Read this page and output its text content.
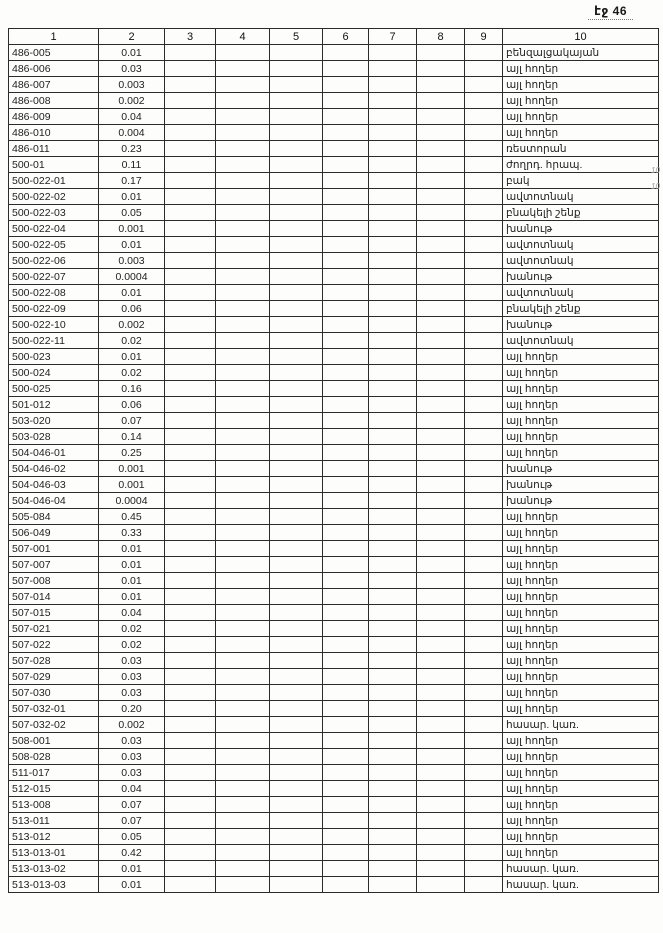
էջ 46
1	2	3	4	5	6	7	8	9	10
486-005	0.01								բենզալցակայան
486-006	0.03								այլ հողեր
486-007	0.003								այլ հողեր
486-008	0.002								այլ հողեր
486-009	0.04								այլ հողեր
486-010	0.004								այլ հողեր
486-011	0.23								ռեստորան
500-01	0.11								ժողրդ. հրապ.
500-022-01	0.17								բակ
500-022-02	0.01								ավտոտնակ
500-022-03	0.05								բնակելի շենք
500-022-04	0.001								խանութ
500-022-05	0.01								ավտոտնակ
500-022-06	0.003								ավտոտնակ
500-022-07	0.0004								խանութ
500-022-08	0.01								ավտոտնակ
500-022-09	0.06								բնակելի շենք
500-022-10	0.002								խանութ
500-022-11	0.02								ավտոտնակ
500-023	0.01								այլ հողեր
500-024	0.02								այլ հողեր
500-025	0.16								այլ հողեր
501-012	0.06								այլ հողեր
503-020	0.07								այլ հողեր
503-028	0.14								այլ հողեր
504-046-01	0.25								այլ հողեր
504-046-02	0.001								խանութ
504-046-03	0.001								խանութ
504-046-04	0.0004								խանութ
505-084	0.45								այլ հողեր
506-049	0.33								այլ հողեր
507-001	0.01								այլ հողեր
507-007	0.01								այլ հողեր
507-008	0.01								այլ հողեր
507-014	0.01								այլ հողեր
507-015	0.04								այլ հողեր
507-021	0.02								այլ հողեր
507-022	0.02								այլ հողեր
507-028	0.03								այլ հողեր
507-029	0.03								այլ հողեր
507-030	0.03								այլ հողեր
507-032-01	0.20								այլ հողեր
507-032-02	0.002								հասար. կառ.
508-001	0.03								այլ հողեր
508-028	0.03								այլ հողեր
511-017	0.03								այլ հողեր
512-015	0.04								այլ հողեր
513-008	0.07								այլ հողեր
513-011	0.07								այլ հողեր
513-012	0.05								այլ հողեր
513-013-01	0.42								այլ հողեր
513-013-02	0.01								հասար. կառ.
513-013-03	0.01								հասար. կառ.
10
10
